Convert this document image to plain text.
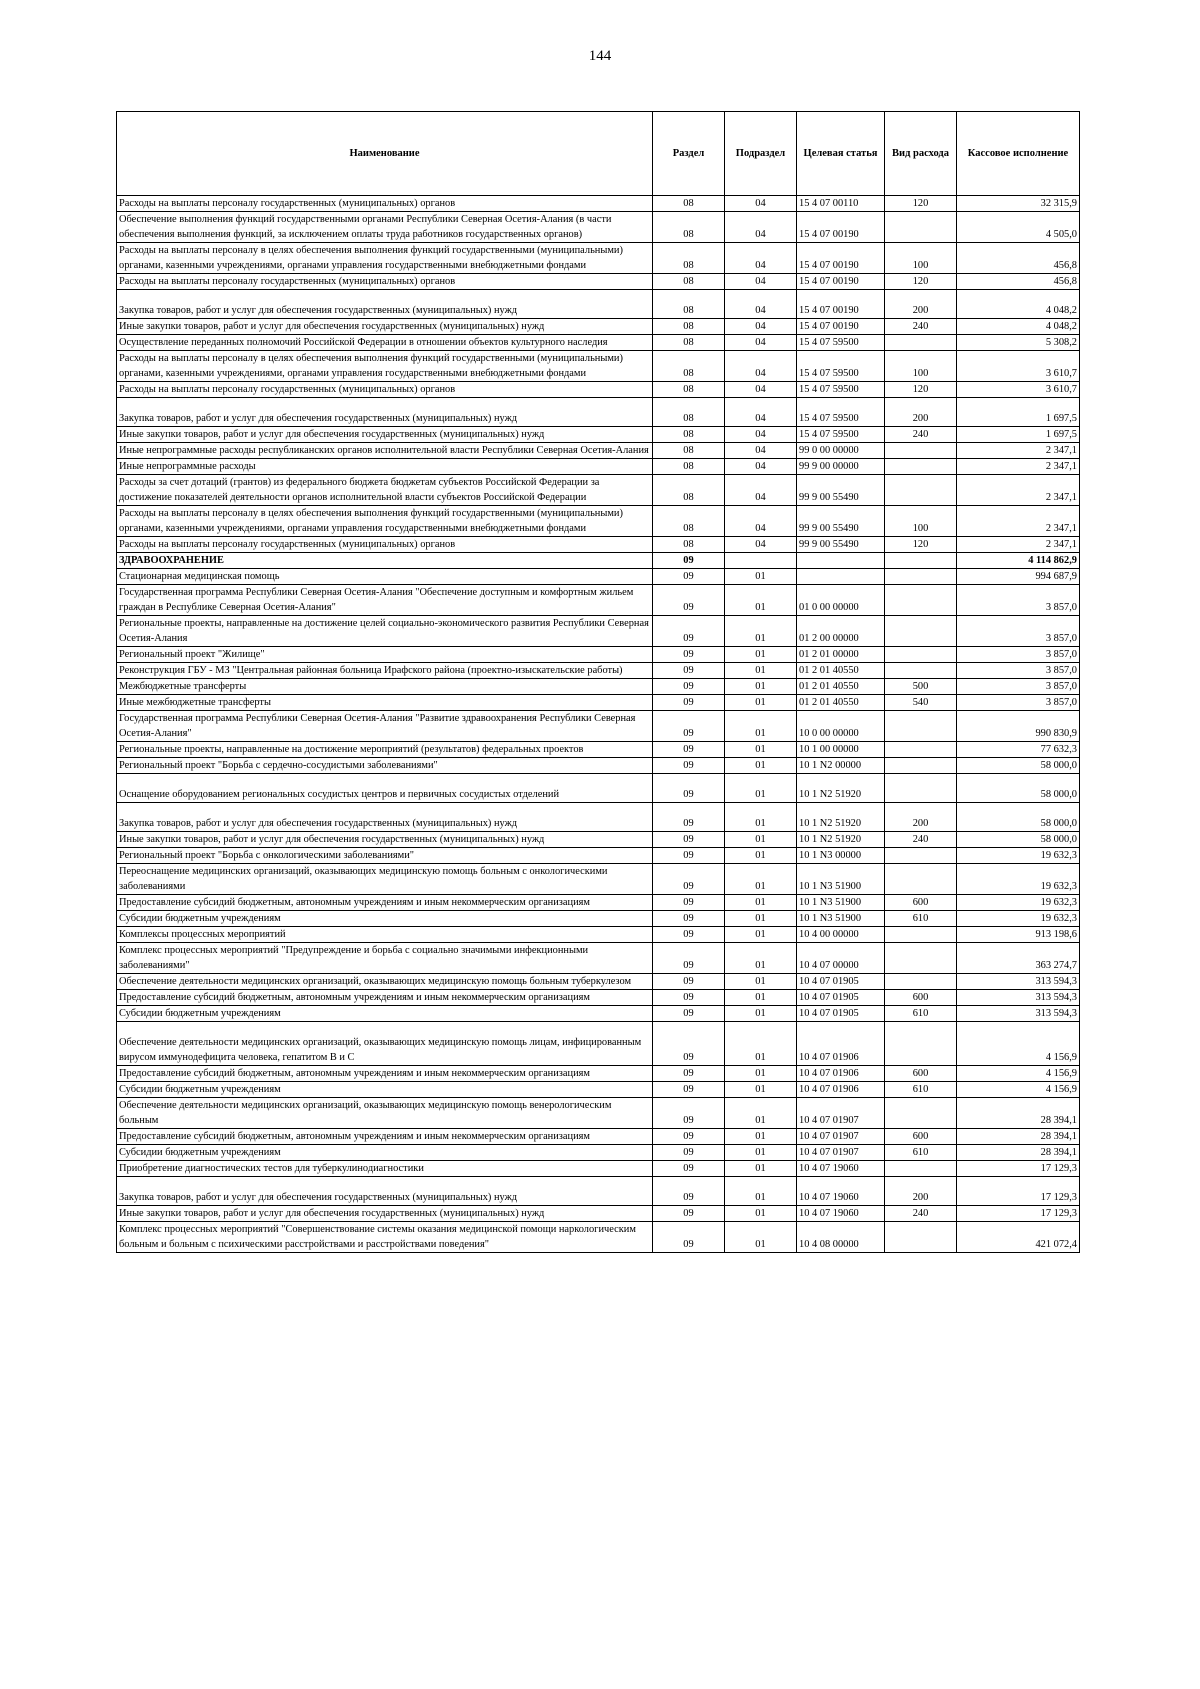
144
Наименование	Раздел	Подраздел	Целевая статья	Вид расхода	Кассовое исполнение
Расходы на выплаты персоналу государственных (муниципальных) органов	08	04	15 4 07 00110	120	32 315,9
Обеспечение выполнения функций государственными органами Республики Северная Осетия-Алания (в части обеспечения выполнения функций, за исключением оплаты труда работников государственных органов)	08	04	15 4 07 00190		4 505,0
Расходы на выплаты персоналу в целях обеспечения выполнения функций государственными (муниципальными) органами, казенными учреждениями, органами управления государственными внебюджетными фондами	08	04	15 4 07 00190	100	456,8
Расходы на выплаты персоналу государственных (муниципальных) органов	08	04	15 4 07 00190	120	456,8
Закупка товаров, работ и услуг для обеспечения государственных (муниципальных) нужд	08	04	15 4 07 00190	200	4 048,2
Иные закупки товаров, работ и услуг для обеспечения государственных (муниципальных) нужд	08	04	15 4 07 00190	240	4 048,2
Осуществление переданных полномочий Российской Федерации в отношении объектов культурного наследия	08	04	15 4 07 59500		5 308,2
Расходы на выплаты персоналу в целях обеспечения выполнения функций государственными (муниципальными) органами, казенными учреждениями, органами управления государственными внебюджетными фондами	08	04	15 4 07 59500	100	3 610,7
Расходы на выплаты персоналу государственных (муниципальных) органов	08	04	15 4 07 59500	120	3 610,7
Закупка товаров, работ и услуг для обеспечения государственных (муниципальных) нужд	08	04	15 4 07 59500	200	1 697,5
Иные закупки товаров, работ и услуг для обеспечения государственных (муниципальных) нужд	08	04	15 4 07 59500	240	1 697,5
Иные непрограммные расходы республиканских органов исполнительной власти Республики Северная Осетия-Алания	08	04	99 0 00 00000		2 347,1
Иные непрограммные расходы	08	04	99 9 00 00000		2 347,1
Расходы за счет дотаций (грантов) из федерального бюджета бюджетам субъектов Российской Федерации за достижение показателей деятельности органов исполнительной власти субъектов Российской Федерации	08	04	99 9 00 55490		2 347,1
Расходы на выплаты персоналу в целях обеспечения выполнения функций государственными (муниципальными) органами, казенными учреждениями, органами управления государственными внебюджетными фондами	08	04	99 9 00 55490	100	2 347,1
Расходы на выплаты персоналу государственных (муниципальных) органов	08	04	99 9 00 55490	120	2 347,1
ЗДРАВООХРАНЕНИЕ	09				4 114 862,9
Стационарная медицинская помощь	09	01			994 687,9
Государственная программа Республики Северная Осетия-Алания "Обеспечение доступным и комфортным жильем граждан в Республике Северная Осетия-Алания"	09	01	01 0 00 00000		3 857,0
Региональные проекты, направленные на достижение целей социально-экономического развития Республики Северная Осетия-Алания	09	01	01 2 00 00000		3 857,0
Региональный проект "Жилище"	09	01	01 2 01 00000		3 857,0
Реконструкция ГБУ - МЗ "Центральная районная больница Ирафского района (проектно-изыскательские работы)	09	01	01 2 01 40550		3 857,0
Межбюджетные трансферты	09	01	01 2 01 40550	500	3 857,0
Иные межбюджетные трансферты	09	01	01 2 01 40550	540	3 857,0
Государственная программа Республики Северная Осетия-Алания "Развитие здравоохранения Республики Северная Осетия-Алания"	09	01	10 0 00 00000		990 830,9
Региональные проекты, направленные на достижение мероприятий (результатов) федеральных проектов	09	01	10 1 00 00000		77 632,3
Региональный проект "Борьба с сердечно-сосудистыми заболеваниями"	09	01	10 1 N2 00000		58 000,0
Оснащение оборудованием региональных сосудистых центров и первичных сосудистых отделений	09	01	10 1 N2 51920		58 000,0
Закупка товаров, работ и услуг для обеспечения государственных (муниципальных) нужд	09	01	10 1 N2 51920	200	58 000,0
Иные закупки товаров, работ и услуг для обеспечения государственных (муниципальных) нужд	09	01	10 1 N2 51920	240	58 000,0
Региональный проект "Борьба с онкологическими заболеваниями"	09	01	10 1 N3 00000		19 632,3
Переоснащение медицинских организаций, оказывающих медицинскую помощь больным с онкологическими заболеваниями	09	01	10 1 N3 51900		19 632,3
Предоставление субсидий бюджетным, автономным учреждениям и иным некоммерческим организациям	09	01	10 1 N3 51900	600	19 632,3
Субсидии бюджетным учреждениям	09	01	10 1 N3 51900	610	19 632,3
Комплексы процессных мероприятий	09	01	10 4 00 00000		913 198,6
Комплекс процессных мероприятий "Предупреждение и борьба с социально значимыми инфекционными заболеваниями"	09	01	10 4 07 00000		363 274,7
Обеспечение деятельности медицинских организаций, оказывающих медицинскую помощь больным туберкулезом	09	01	10 4 07 01905		313 594,3
Предоставление субсидий бюджетным, автономным учреждениям и иным некоммерческим организациям	09	01	10 4 07 01905	600	313 594,3
Субсидии бюджетным учреждениям	09	01	10 4 07 01905	610	313 594,3
Обеспечение деятельности медицинских организаций, оказывающих медицинскую помощь лицам, инфицированным вирусом иммунодефицита человека, гепатитом B и C	09	01	10 4 07 01906		4 156,9
Предоставление субсидий бюджетным, автономным учреждениям и иным некоммерческим организациям	09	01	10 4 07 01906	600	4 156,9
Субсидии бюджетным учреждениям	09	01	10 4 07 01906	610	4 156,9
Обеспечение деятельности медицинских организаций, оказывающих медицинскую помощь венерологическим больным	09	01	10 4 07 01907		28 394,1
Предоставление субсидий бюджетным, автономным учреждениям и иным некоммерческим организациям	09	01	10 4 07 01907	600	28 394,1
Субсидии бюджетным учреждениям	09	01	10 4 07 01907	610	28 394,1
Приобретение диагностических тестов для туберкулинодиагностики	09	01	10 4 07 19060		17 129,3
Закупка товаров, работ и услуг для обеспечения государственных (муниципальных) нужд	09	01	10 4 07 19060	200	17 129,3
Иные закупки товаров, работ и услуг для обеспечения государственных (муниципальных) нужд	09	01	10 4 07 19060	240	17 129,3
Комплекс процессных мероприятий "Совершенствование системы оказания медицинской помощи наркологическим больным и больным с психическими расстройствами и расстройствами поведения"	09	01	10 4 08 00000		421 072,4
